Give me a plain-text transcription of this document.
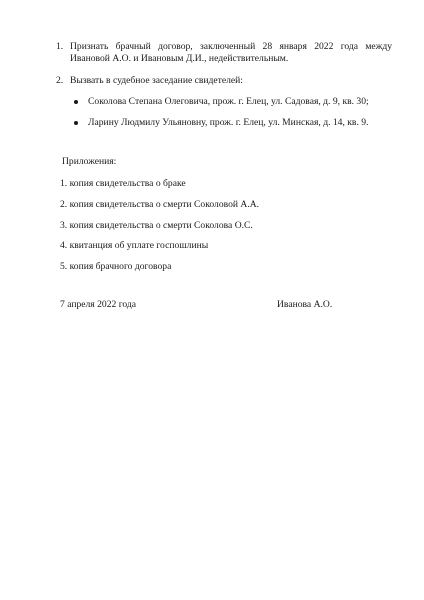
1. Признать брачный договор, заключенный 28 января 2022 года между
Ивановой А.О. и Ивановым Д.И., недействительным.
2. Вызвать в судебное заседание свидетелей:
Соколова Степана Олеговича, прож. г. Елец, ул. Садовая, д. 9, кв. 30;
Ларину Людмилу Ульяновну, прож. г. Елец, ул. Минская, д. 14, кв. 9.
Приложения:
1. копия свидетельства о браке
2. копия свидетельства о смерти Соколовой А.А.
3. копия свидетельства о смерти Соколова О.С.
4. квитанция об уплате госпошлины
5. копия брачного договора
7 апреля 2022 года	Иванова А.О.
